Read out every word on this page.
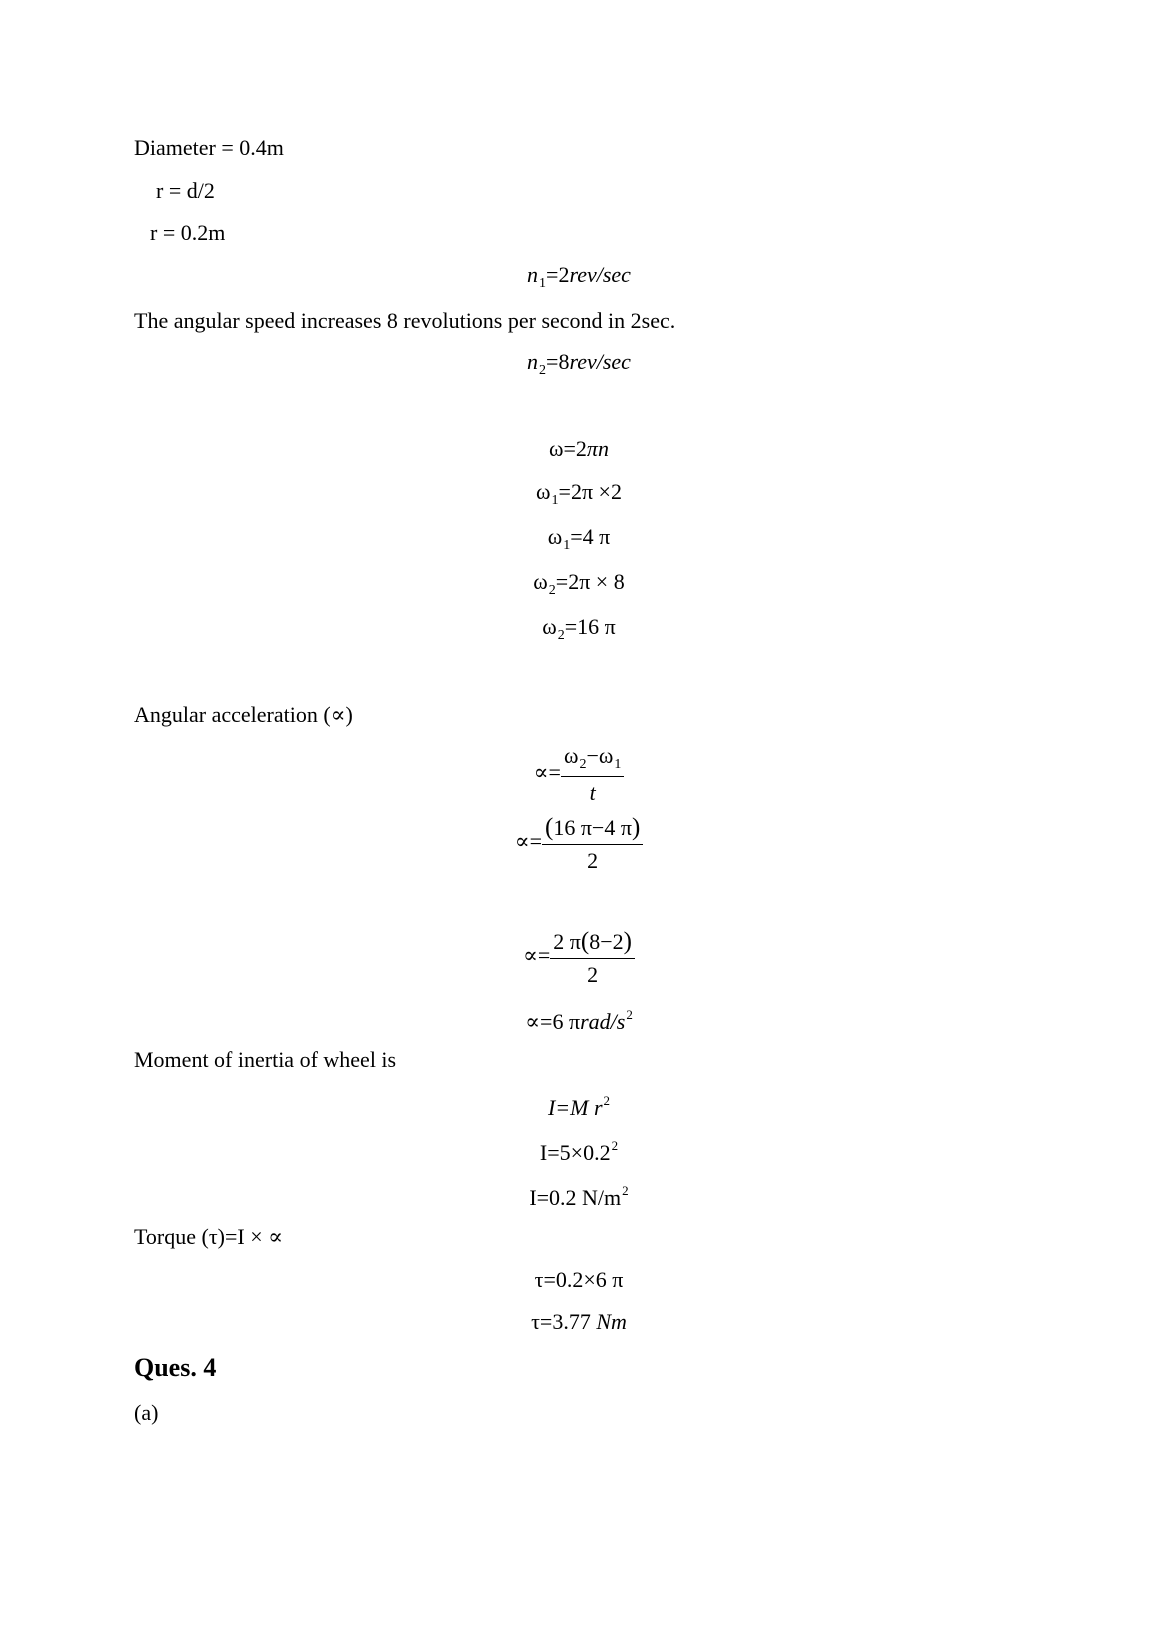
Diameter = 0.4m
r = d/2
r = 0.2m
$n_1=2rev/\sec$
The angular speed increases 8 revolutions per second in 2sec.
$n_2=8rev/\sec$
ω=2πn
$\omega_1=2\pi \times 2$
$\omega_1=4$ π
$\omega_2=2\pi \times 8$
$\omega_2=16$ π
Angular acceleration (∝)
∝= $\frac{\omega_2-\omega_1}{t}$
∝= $\frac{(16 \pi-4 \pi)}{2}$
∝= $\frac{2 \pi(8-2)}{2}$
∝=6 πrad/$s^2$
Moment of inertia of wheel is
I=M $r^2$
$I=5\times 0.2^2$
I=0.2 $N/m^2$
Torque (τ)=I × ∝
τ=0.2×6 π
τ=3.77 Nm
Ques. 4
(a)
